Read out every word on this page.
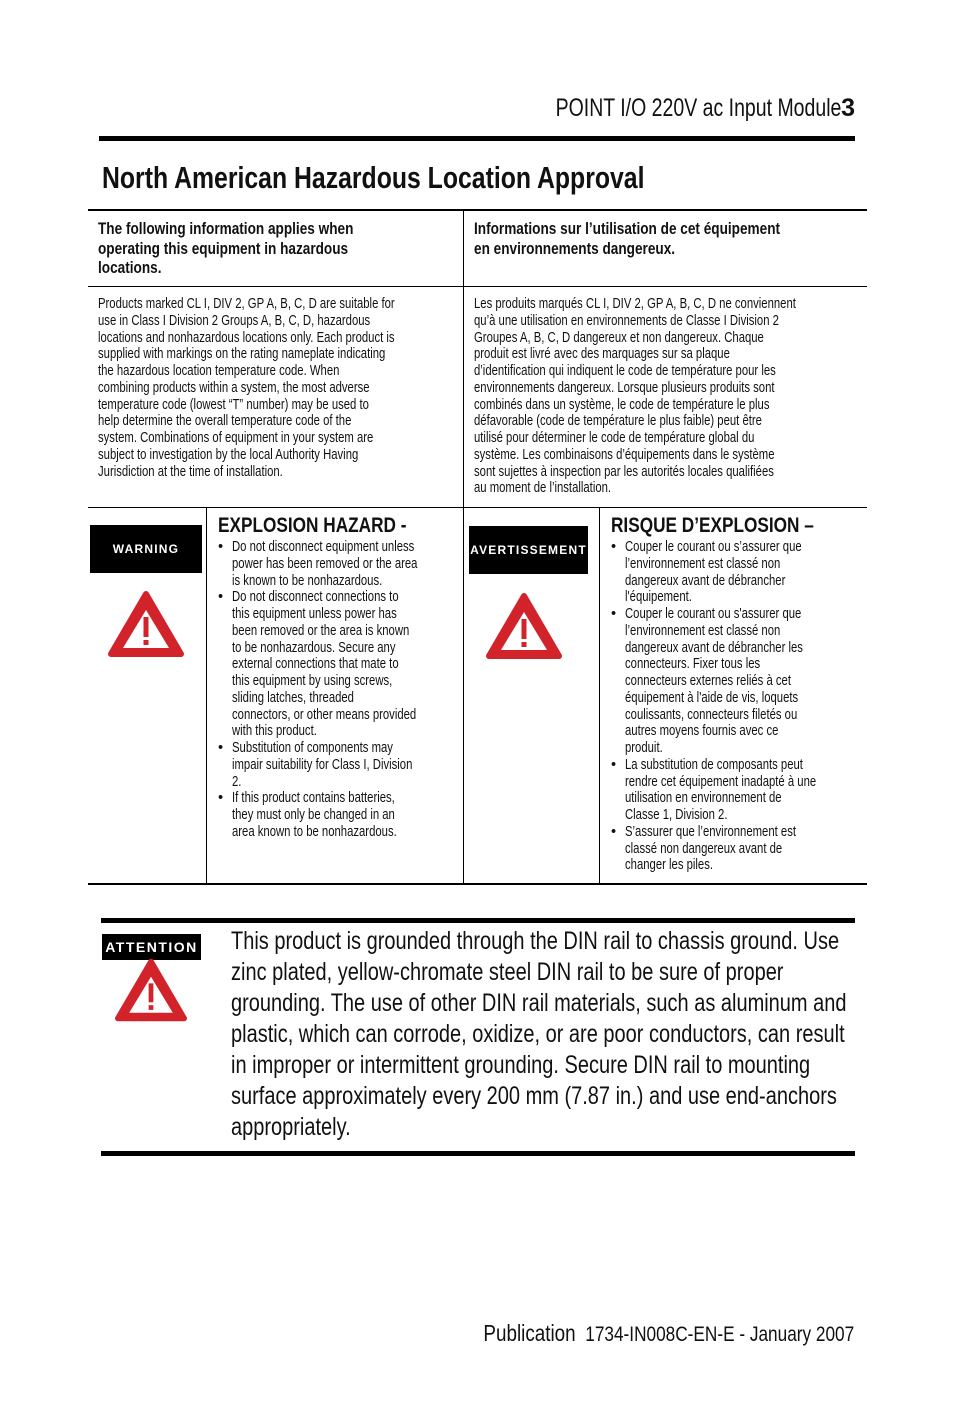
POINT I/O 220V ac Input Module 3
North American Hazardous Location Approval
The following information applies when
operating this equipment in hazardous
locations.
Informations sur l’utilisation de cet équipement
en environnements dangereux.
Products marked CL I, DIV 2, GP A, B, C, D are suitable for
use in Class I Division 2 Groups A, B, C, D, hazardous
locations and nonhazardous locations only. Each product is
supplied with markings on the rating nameplate indicating
the hazardous location temperature code. When
combining products within a system, the most adverse
temperature code (lowest “T” number) may be used to
help determine the overall temperature code of the
system. Combinations of equipment in your system are
subject to investigation by the local Authority Having
Jurisdiction at the time of installation.
Les produits marqués CL I, DIV 2, GP A, B, C, D ne conviennent
qu’à une utilisation en environnements de Classe I Division 2
Groupes A, B, C, D dangereux et non dangereux. Chaque
produit est livré avec des marquages sur sa plaque
d’identification qui indiquent le code de température pour les
environnements dangereux. Lorsque plusieurs produits sont
combinés dans un système, le code de température le plus
défavorable (code de température le plus faible) peut être
utilisé pour déterminer le code de température global du
système. Les combinaisons d’équipements dans le système
sont sujettes à inspection par les autorités locales qualifiées
au moment de l’installation.
WARNING
EXPLOSION HAZARD -
• Do not disconnect equipment unless
power has been removed or the area
is known to be nonhazardous.
• Do not disconnect connections to
this equipment unless power has
been removed or the area is known
to be nonhazardous. Secure any
external connections that mate to
this equipment by using screws,
sliding latches, threaded
connectors, or other means provided
with this product.
• Substitution of components may
impair suitability for Class I, Division
2.
• If this product contains batteries,
they must only be changed in an
area known to be nonhazardous.
AVERTISSEMENT
RISQUE D’EXPLOSION –
• Couper le courant ou s’assurer que
l’environnement est classé non
dangereux avant de débrancher
l'équipement.
• Couper le courant ou s'assurer que
l’environnement est classé non
dangereux avant de débrancher les
connecteurs. Fixer tous les
connecteurs externes reliés à cet
équipement à l'aide de vis, loquets
coulissants, connecteurs filetés ou
autres moyens fournis avec ce
produit.
• La substitution de composants peut
rendre cet équipement inadapté à une
utilisation en environnement de
Classe 1, Division 2.
• S’assurer que l’environnement est
classé non dangereux avant de
changer les piles.
ATTENTION This product is grounded through the DIN rail to chassis ground. Use
zinc plated, yellow-chromate steel DIN rail to be sure of proper
grounding. The use of other DIN rail materials, such as aluminum and
plastic, which can corrode, oxidize, or are poor conductors, can result
in improper or intermittent grounding. Secure DIN rail to mounting
surface approximately every 200 mm (7.87 in.) and use end-anchors
appropriately.
Publication 1734-IN008C-EN-E - January 2007
